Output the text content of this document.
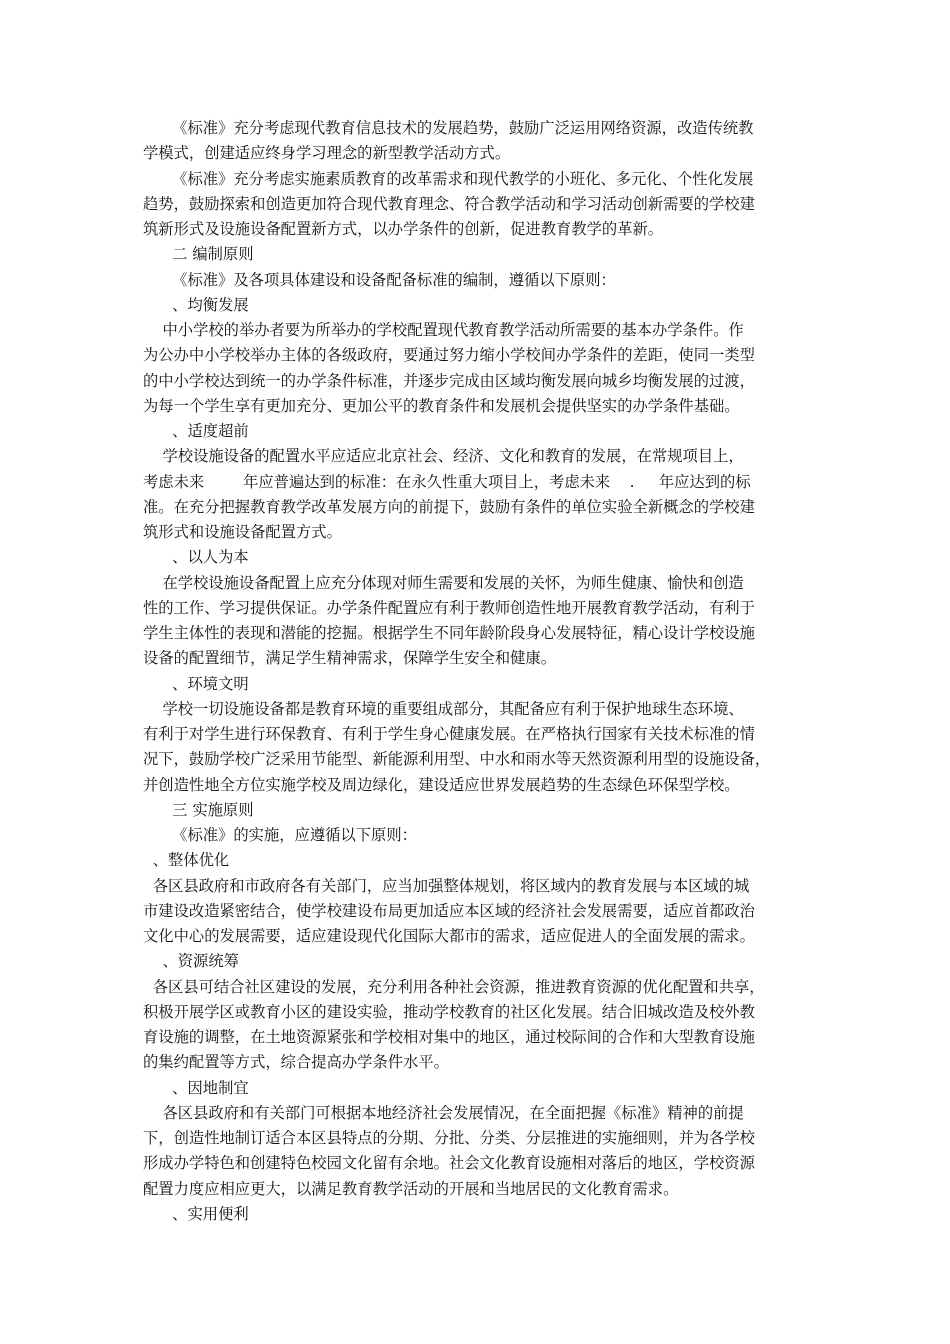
《标准》充分考虑现代教育信息技术的发展趋势，鼓励广泛运用网络资源，改造传统教
学模式，创建适应终身学习理念的新型教学活动方式。
《标准》充分考虑实施素质教育的改革需求和现代教学的小班化、多元化、个性化发展
趋势，鼓励探索和创造更加符合现代教育理念、符合教学活动和学习活动创新需要的学校建
筑新形式及设施设备配置新方式，以办学条件的创新，促进教育教学的革新。
二 编制原则
《标准》及各项具体建设和设备配备标准的编制，遵循以下原则：
、均衡发展
中小学校的举办者要为所举办的学校配置现代教育教学活动所需要的基本办学条件。作
为公办中小学校举办主体的各级政府，要通过努力缩小学校间办学条件的差距，使同一类型
的中小学校达到统一的办学条件标准，并逐步完成由区域均衡发展向城乡均衡发展的过渡，
为每一个学生享有更加充分、更加公平的教育条件和发展机会提供坚实的办学条件基础。
、适度超前
学校设施设备的配置水平应适应北京社会、经济、文化和教育的发展，在常规项目上，
考虑未来        年应普遍达到的标准：在永久性重大项目上，考虑未来    .     年应达到的标
准。在充分把握教育教学改革发展方向的前提下，鼓励有条件的单位实验全新概念的学校建
筑形式和设施设备配置方式。
、以人为本
在学校设施设备配置上应充分体现对师生需要和发展的关怀，为师生健康、愉快和创造
性的工作、学习提供保证。办学条件配置应有利于教师创造性地开展教育教学活动，有利于
学生主体性的表现和潜能的挖掘。根据学生不同年龄阶段身心发展特征，精心设计学校设施
设备的配置细节，满足学生精神需求，保障学生安全和健康。
、环境文明
学校一切设施设备都是教育环境的重要组成部分，其配备应有利于保护地球生态环境、
有利于对学生进行环保教育、有利于学生身心健康发展。在严格执行国家有关技术标准的情
况下，鼓励学校广泛采用节能型、新能源利用型、中水和雨水等天然资源利用型的设施设备，
并创造性地全方位实施学校及周边绿化，建设适应世界发展趋势的生态绿色环保型学校。
三 实施原则
《标准》的实施，应遵循以下原则：
、整体优化
各区县政府和市政府各有关部门，应当加强整体规划，将区域内的教育发展与本区域的城
市建设改造紧密结合，使学校建设布局更加适应本区域的经济社会发展需要，适应首都政治
文化中心的发展需要，适应建设现代化国际大都市的需求，适应促进人的全面发展的需求。
、资源统筹
各区县可结合社区建设的发展，充分利用各种社会资源，推进教育资源的优化配置和共享，
积极开展学区或教育小区的建设实验，推动学校教育的社区化发展。结合旧城改造及校外教
育设施的调整，在土地资源紧张和学校相对集中的地区，通过校际间的合作和大型教育设施
的集约配置等方式，综合提高办学条件水平。
、因地制宜
各区县政府和有关部门可根据本地经济社会发展情况，在全面把握《标准》精神的前提
下，创造性地制订适合本区县特点的分期、分批、分类、分层推进的实施细则，并为各学校
形成办学特色和创建特色校园文化留有余地。社会文化教育设施相对落后的地区，学校资源
配置力度应相应更大，以满足教育教学活动的开展和当地居民的文化教育需求。
、实用便利
